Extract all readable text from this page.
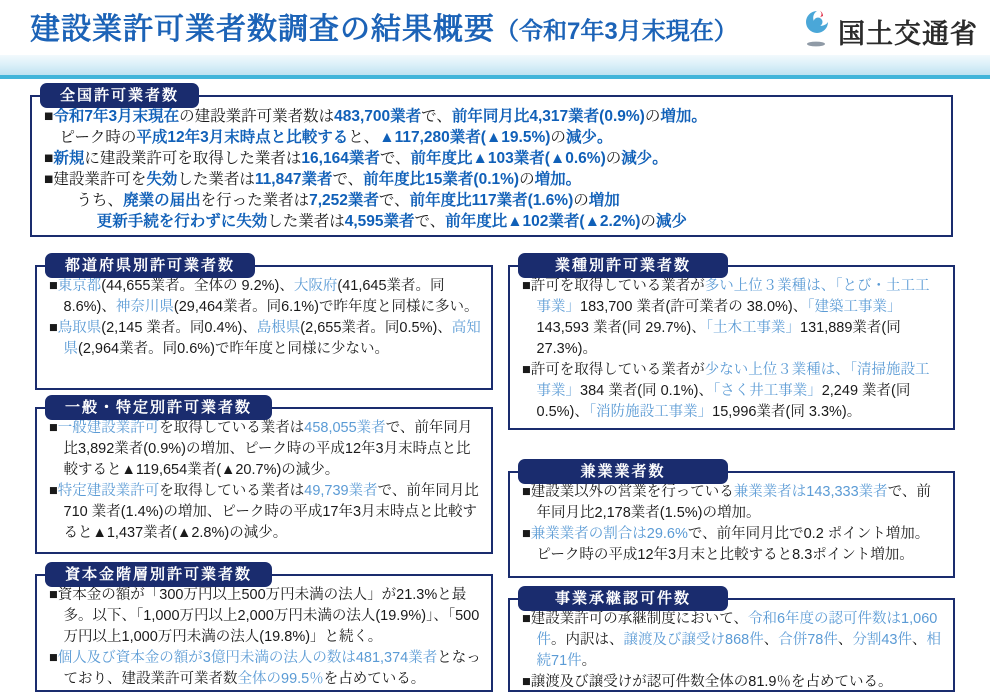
建設業許可業者数調査の結果概要（令和7年3月末現在）	国土交通省
全国許可業者数
■令和7年3月末現在の建設業許可業者数は483,700業者で、前年同月比4,317業者(0.9%)の増加。
ピーク時の平成12年3月末時点と比較すると、▲117,280業者(▲19.5%)の減少。
■新規に建設業許可を取得した業者は16,164業者で、前年度比▲103業者(▲0.6%)の減少。
■建設業許可を失効した業者は11,847業者で、前年度比15業者(0.1%)の増加。
うち、廃業の届出を行った業者は7,252業者で、前年度比117業者(1.6%)の増加
更新手続を行わずに失効した業者は4,595業者で、前年度比▲102業者(▲2.2%)の減少
都道府県別許可業者数
■東京都(44,655業者。全体の 9.2%)、大阪府(41,645業者。同8.6%)、神奈川県(29,464業者。同6.1%)で昨年度と同様に多い。
■鳥取県(2,145 業者。同0.4%)、島根県(2,655業者。同0.5%)、高知県(2,964業者。同0.6%)で昨年度と同様に少ない。
一般・特定別許可業者数
■一般建設業許可を取得している業者は458,055業者で、前年同月比3,892業者(0.9%)の増加、ピーク時の平成12年3月末時点と比較すると▲119,654業者(▲20.7%)の減少。
■特定建設業許可を取得している業者は49,739業者で、前年同月比 710 業者(1.4%)の増加、ピーク時の平成17年3月末時点と比較すると▲1,437業者(▲2.8%)の減少。
資本金階層別許可業者数
■資本金の額が「300万円以上500万円未満の法人」が21.3%と最多。以下、「1,000万円以上2,000万円未満の法人(19.9%)」、「500万円以上1,000万円未満の法人(19.8%)」と続く。
■個人及び資本金の額が3億円未満の法人の数は481,374業者となっており、建設業許可業者数全体の99.5％を占めている。
業種別許可業者数
■許可を取得している業者が多い上位３業種は、「とび・土工工事業」183,700 業者(許可業者の 38.0%)、「建築工事業」143,593 業者(同 29.7%)、「土木工事業」131,889業者(同27.3%)。
■許可を取得している業者が少ない上位３業種は、「清掃施設工事業」384 業者(同 0.1%)、「さく井工事業」2,249 業者(同0.5%)、「消防施設工事業」15,996業者(同 3.3%)。
兼業業者数
■建設業以外の営業を行っている兼業業者は143,333業者で、前年同月比2,178業者(1.5%)の増加。
■兼業業者の割合は29.6%で、前年同月比で0.2 ポイント増加。ピーク時の平成12年3月末と比較すると8.3ポイント増加。
事業承継認可件数
■建設業許可の承継制度において、令和6年度の認可件数は1,060件。内訳は、譲渡及び譲受け868件、合併78件、分割43件、相続71件。
■譲渡及び譲受けが認可件数全体の81.9％を占めている。
